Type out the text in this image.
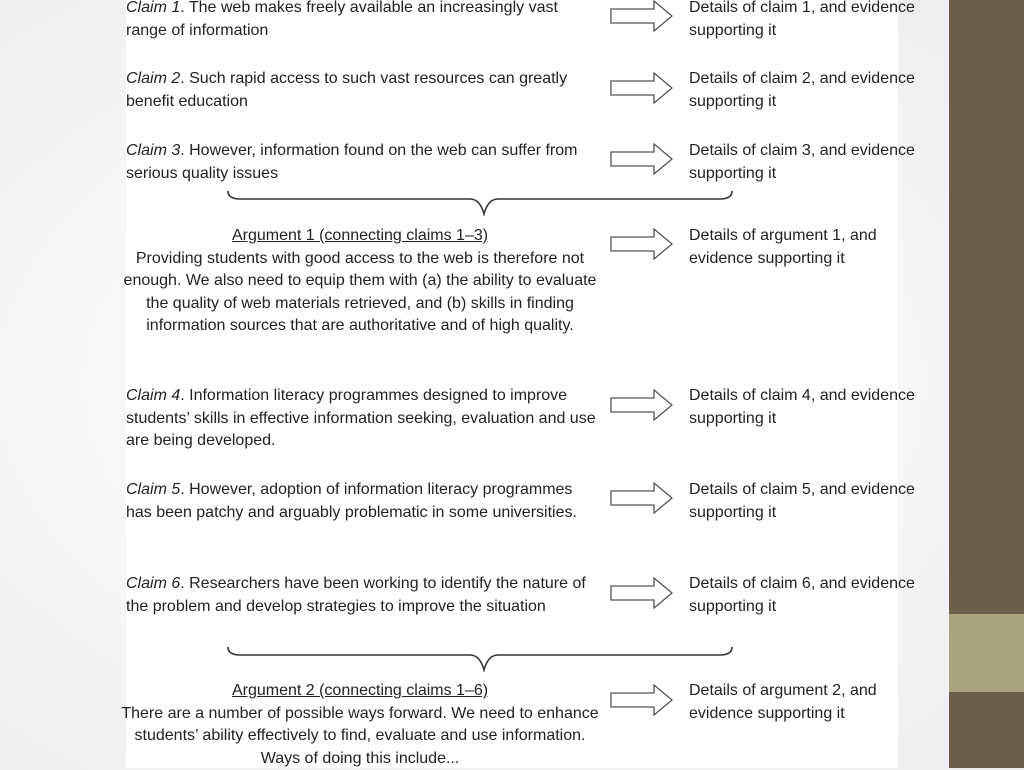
Claim 1. The web makes freely available an increasingly vast range of information
Details of claim 1, and evidence supporting it
Claim 2. Such rapid access to such vast resources can greatly benefit education
Details of claim 2, and evidence supporting it
Claim 3. However, information found on the web can suffer from serious quality issues
Details of claim 3, and evidence supporting it
Argument 1 (connecting claims 1–3)
Providing students with good access to the web is therefore not enough. We also need to equip them with (a) the ability to evaluate the quality of web materials retrieved, and (b) skills in finding information sources that are authoritative and of high quality.
Details of argument 1, and evidence supporting it
Claim 4. Information literacy programmes designed to improve students’ skills in effective information seeking, evaluation and use are being developed.
Details of claim 4, and evidence supporting it
Claim 5. However, adoption of information literacy programmes has been patchy and arguably problematic in some universities.
Details of claim 5, and evidence supporting it
Claim 6. Researchers have been working to identify the nature of the problem and develop strategies to improve the situation
Details of claim 6, and evidence supporting it
Argument 2 (connecting claims 1–6)
There are a number of possible ways forward. We need to enhance students’ ability effectively to find, evaluate and use information. Ways of doing this include...
Details of argument 2, and evidence supporting it
